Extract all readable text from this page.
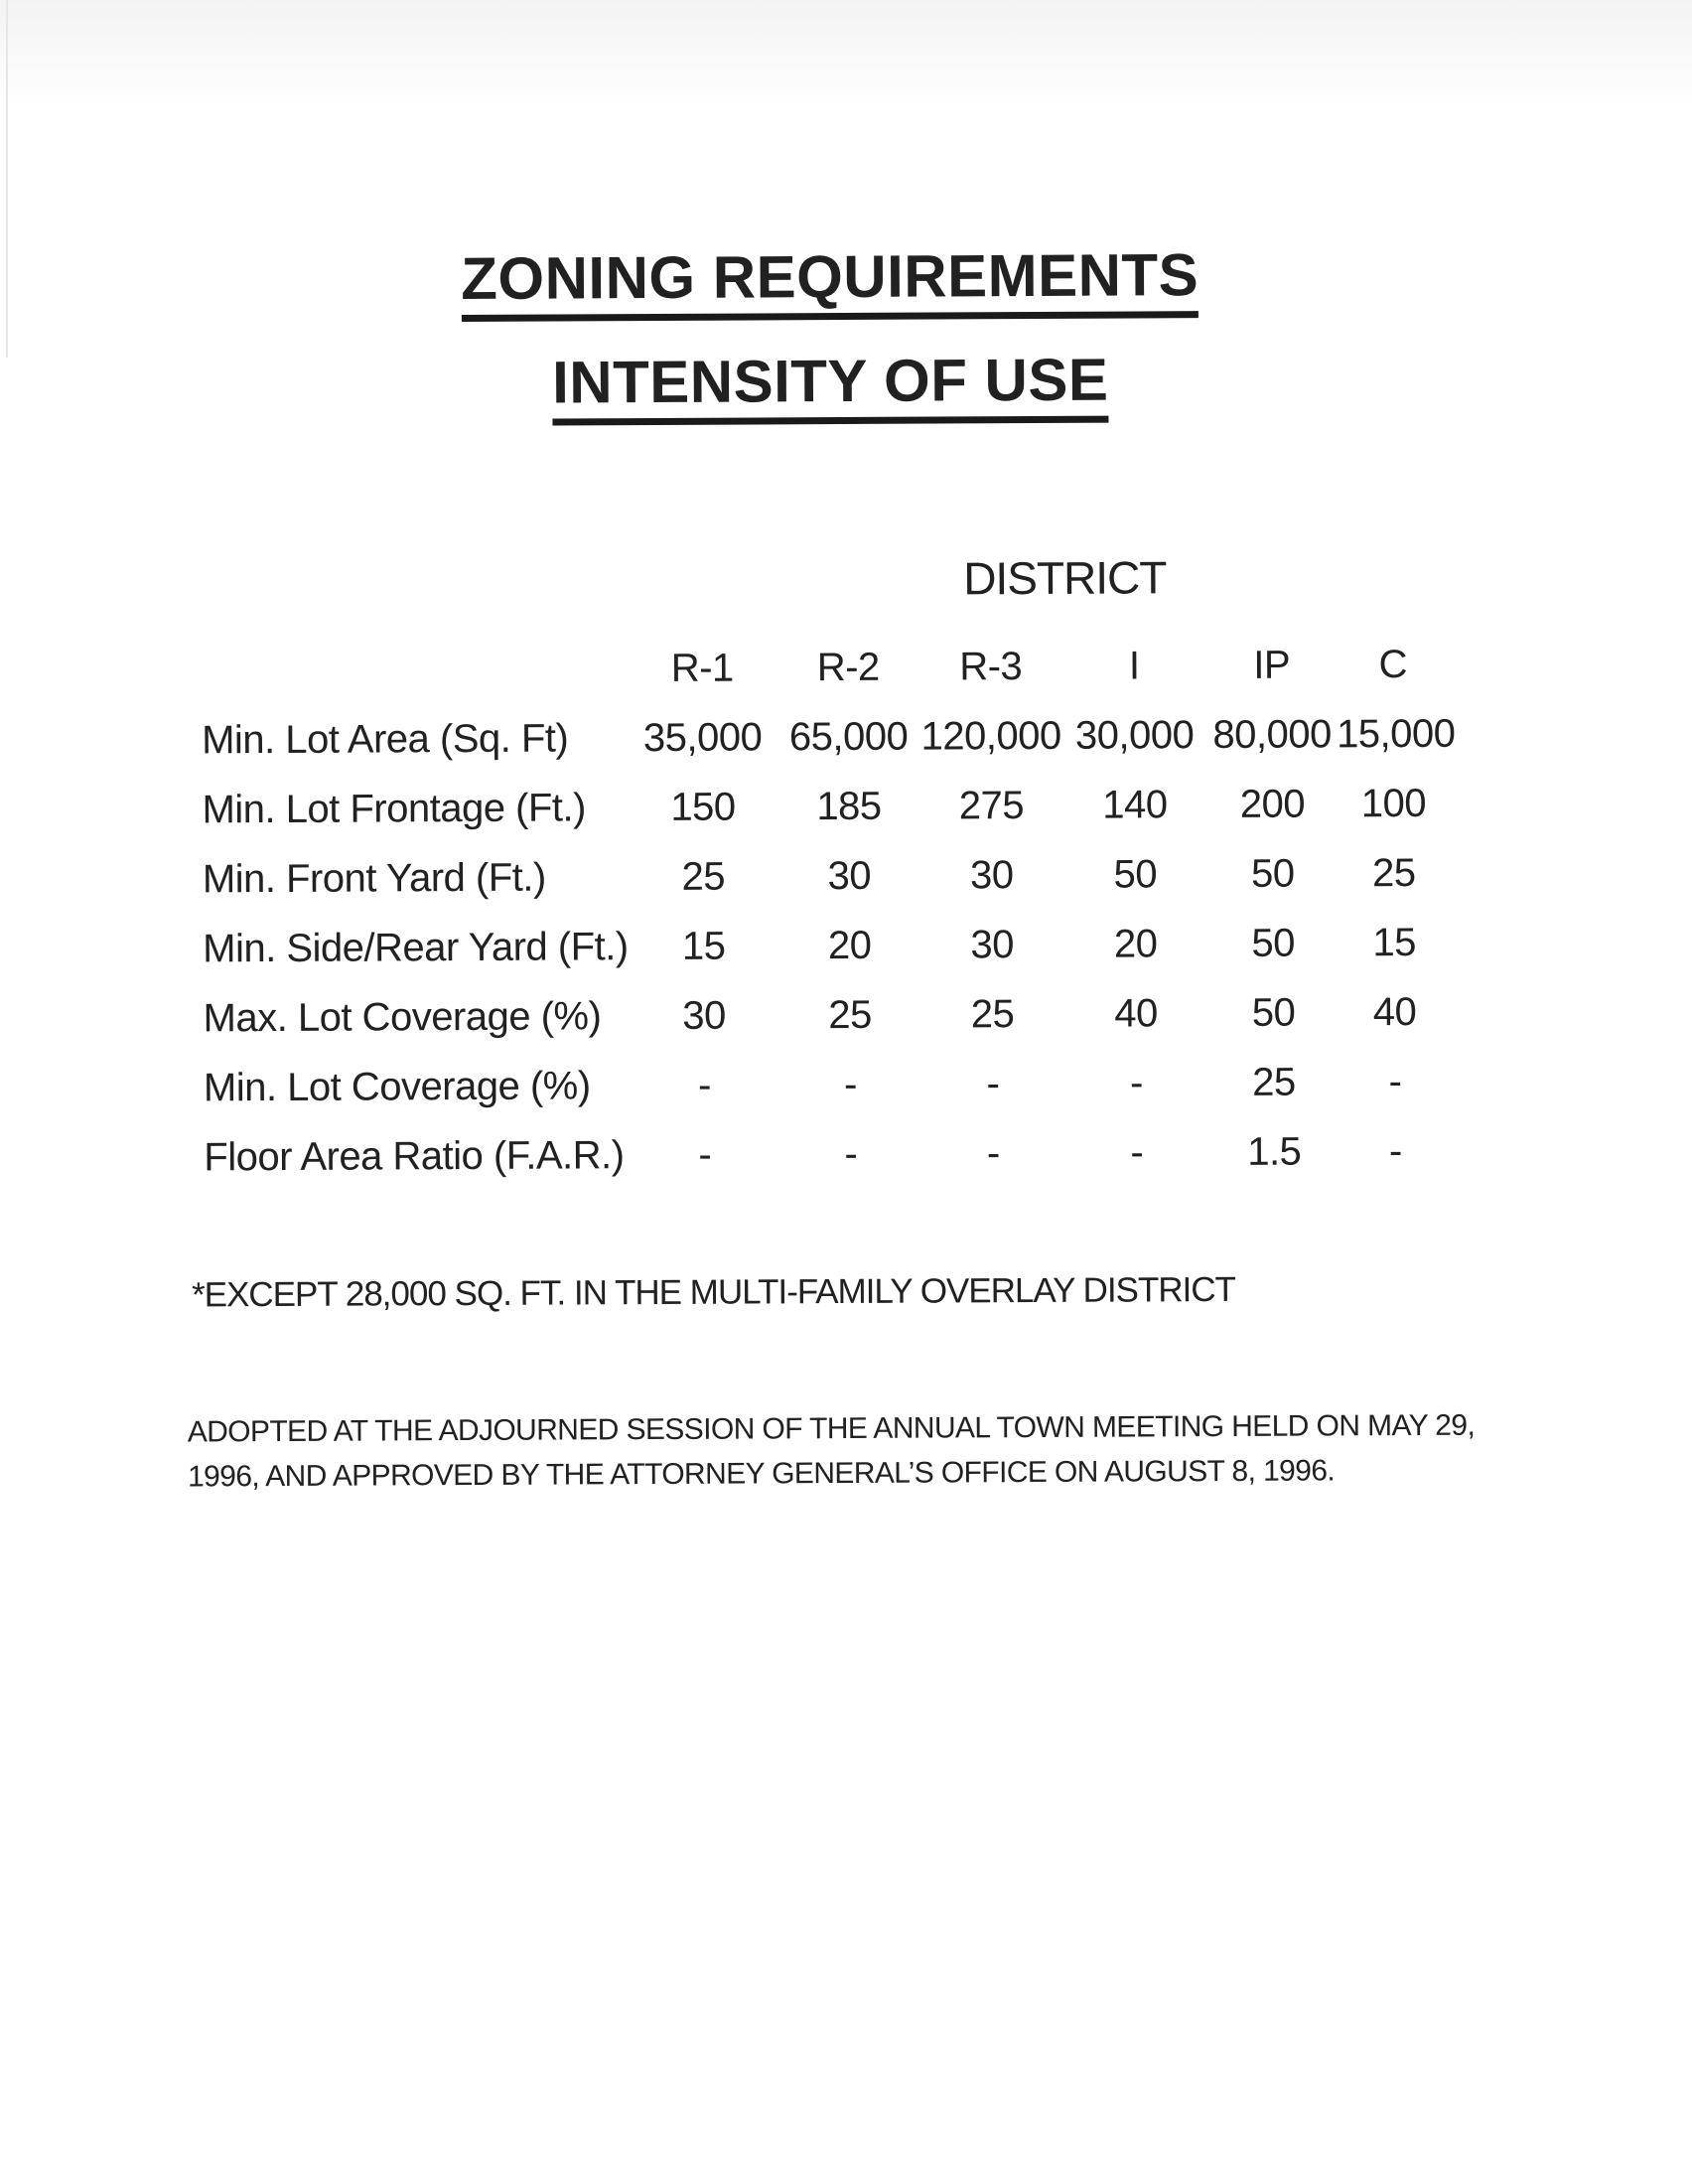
ZONING REQUIREMENTS
INTENSITY OF USE
DISTRICT
	R-1	R-2	R-3	I	IP	C
Min. Lot Area (Sq. Ft)	35,000	65,000	120,000	30,000	80,000	15,000
Min. Lot Frontage (Ft.)	150	185	275	140	200	100
Min. Front Yard (Ft.)	25	30	30	50	50	25
Min. Side/Rear Yard (Ft.)	15	20	30	20	50	15
Max. Lot Coverage (%)	30	25	25	40	50	40
Min. Lot Coverage (%)	-	-	-	-	25	-
Floor Area Ratio (F.A.R.)	-	-	-	-	1.5	-
*EXCEPT 28,000 SQ. FT. IN THE MULTI-FAMILY OVERLAY DISTRICT
ADOPTED AT THE ADJOURNED SESSION OF THE ANNUAL TOWN MEETING HELD ON MAY 29,
1996, AND APPROVED BY THE ATTORNEY GENERAL’S OFFICE ON AUGUST 8, 1996.
